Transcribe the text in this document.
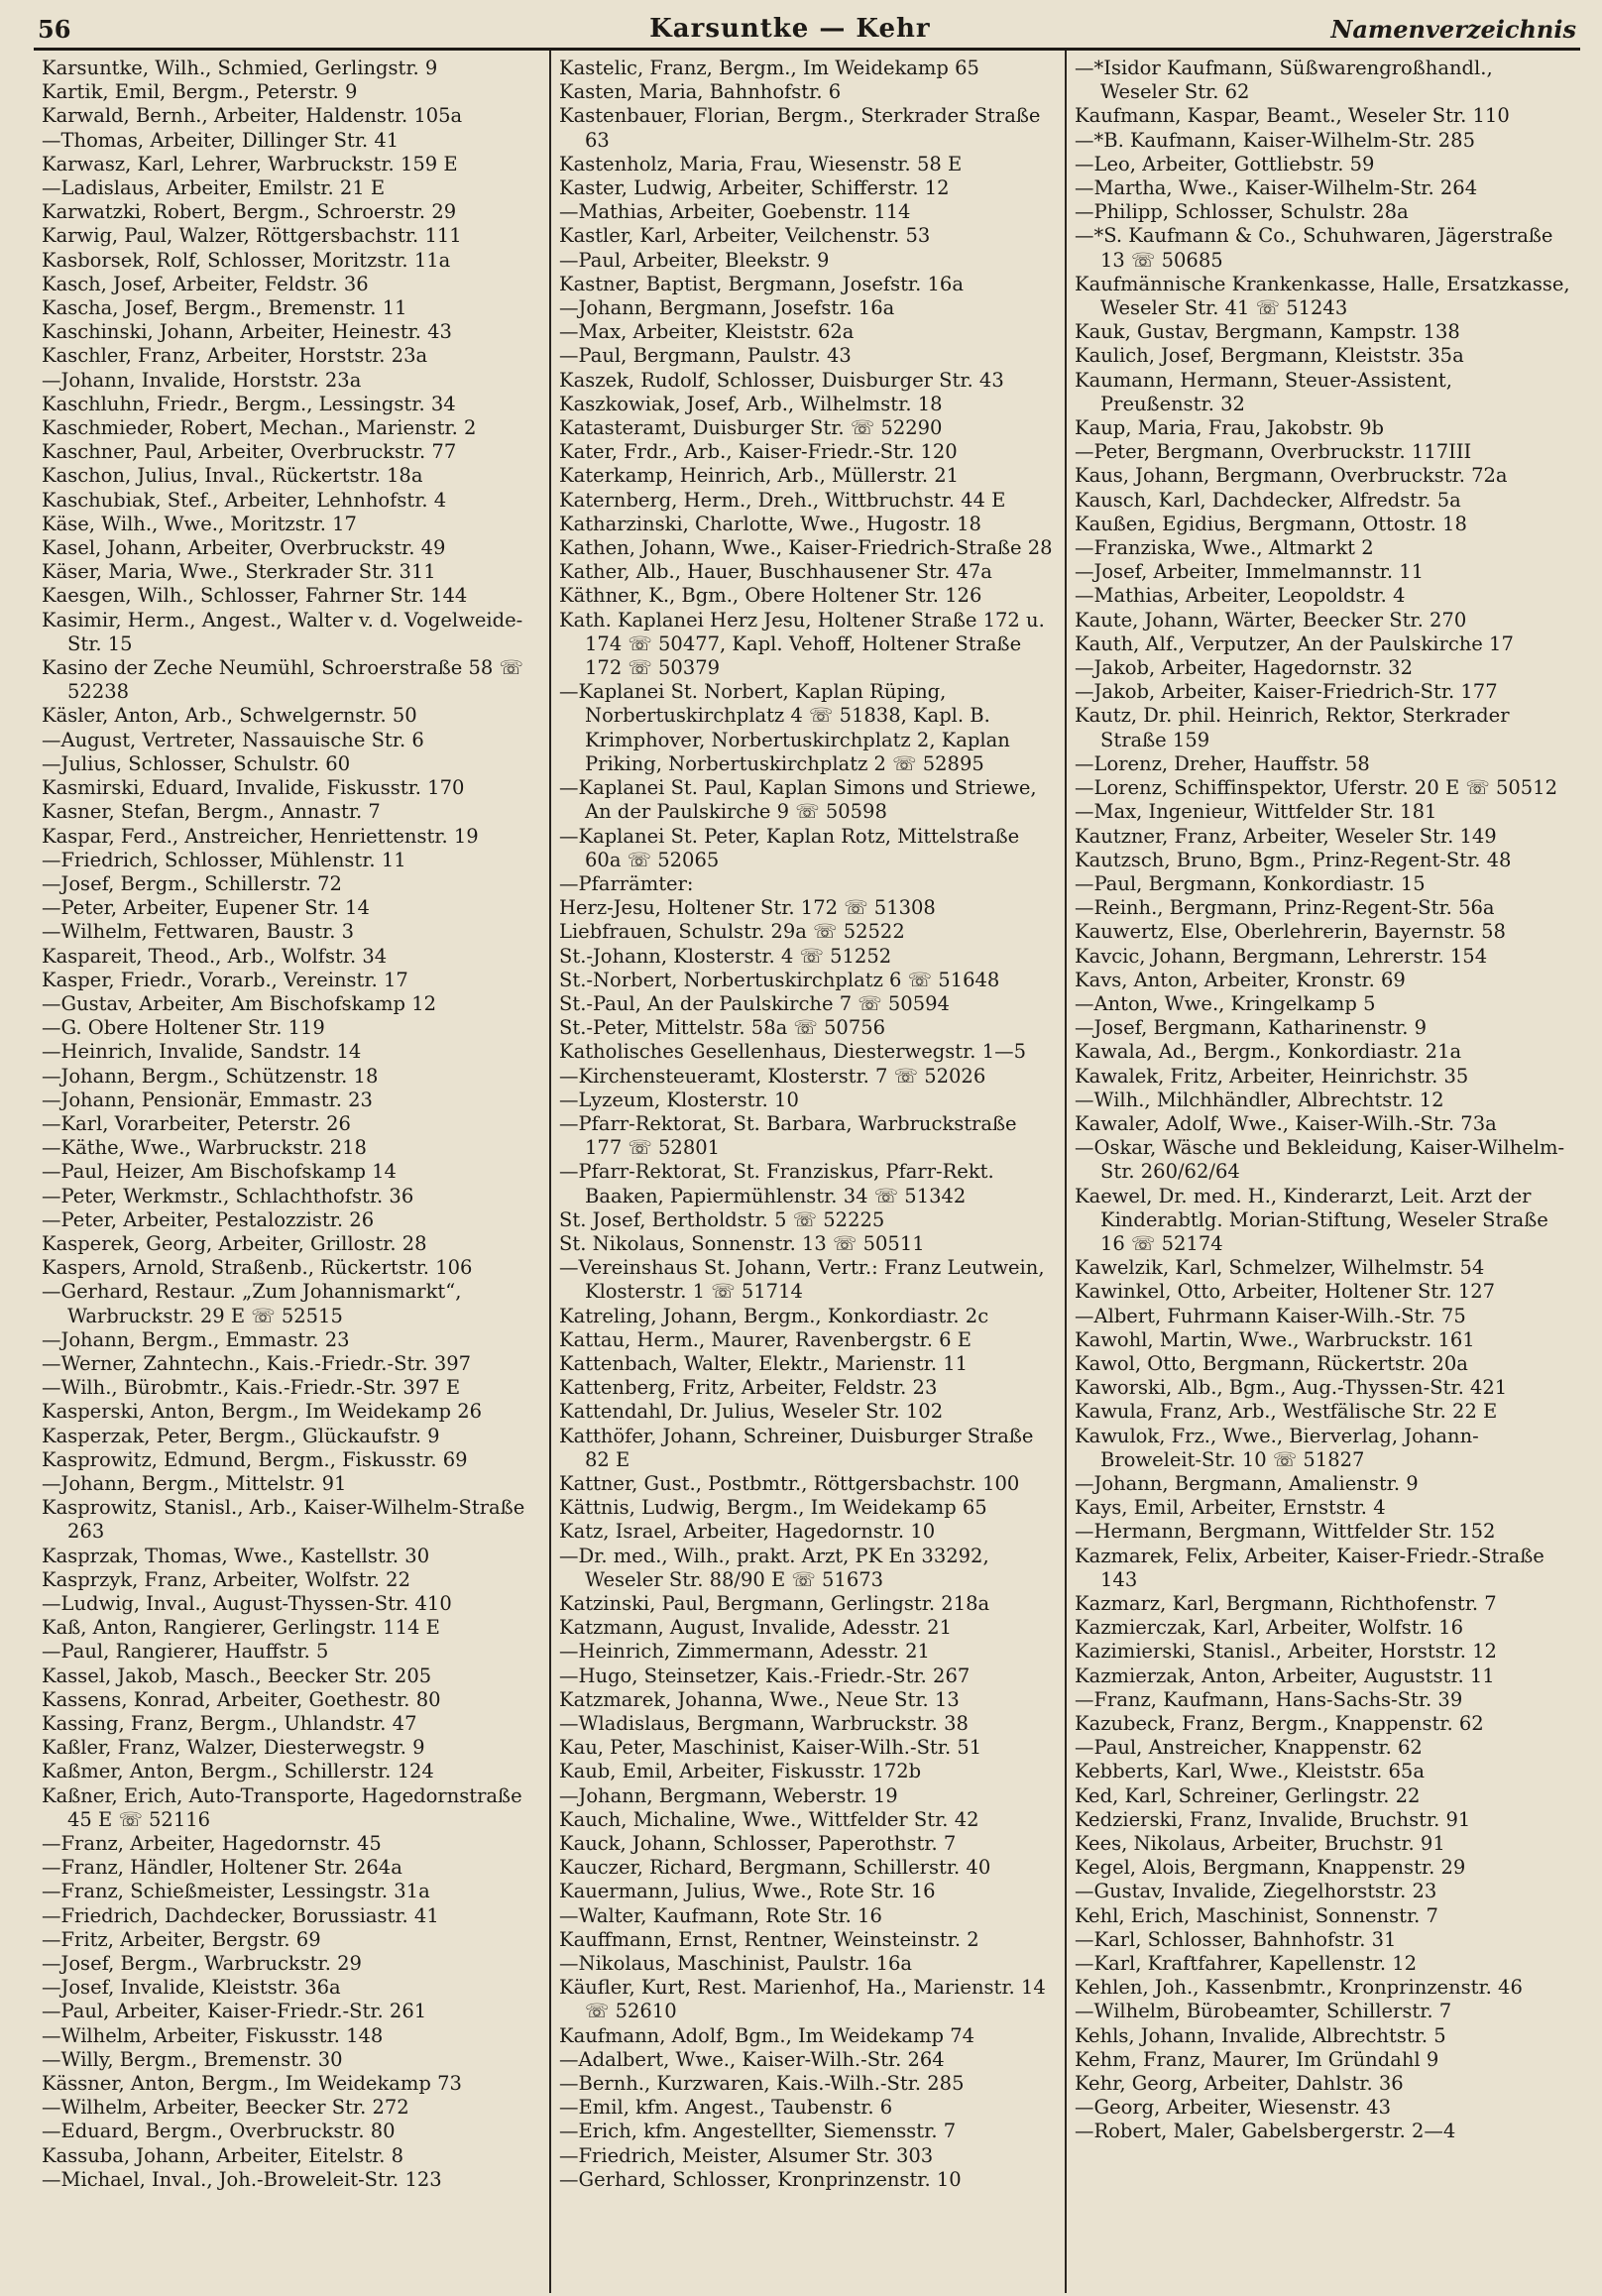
56	Karsuntke — Kehr	Namenverzeichnis
Karsuntke, Wilh., Schmied, Gerlingstr. 9
Kartik, Emil, Bergm., Peterstr. 9
Karwald, Bernh., Arbeiter, Haldenstr. 105a
—Thomas, Arbeiter, Dillinger Str. 41
Karwasz, Karl, Lehrer, Warbruckstr. 159 E
—Ladislaus, Arbeiter, Emilstr. 21 E
Karwatzki, Robert, Bergm., Schroerstr. 29
Karwig, Paul, Walzer, Röttgersbachstr. 111
Kasborsek, Rolf, Schlosser, Moritzstr. 11a
Kasch, Josef, Arbeiter, Feldstr. 36
Kascha, Josef, Bergm., Bremenstr. 11
Kaschinski, Johann, Arbeiter, Heinestr. 43
Kaschler, Franz, Arbeiter, Horststr. 23a
—Johann, Invalide, Horststr. 23a
Kaschluhn, Friedr., Bergm., Lessingstr. 34
Kaschmieder, Robert, Mechan., Marienstr. 2
Kaschner, Paul, Arbeiter, Overbruckstr. 77
Kaschon, Julius, Inval., Rückertstr. 18a
Kaschubiak, Stef., Arbeiter, Lehnhofstr. 4
Käse, Wilh., Wwe., Moritzstr. 17
Kasel, Johann, Arbeiter, Overbruckstr. 49
Käser, Maria, Wwe., Sterkrader Str. 311
Kaesgen, Wilh., Schlosser, Fahrner Str. 144
Kasimir, Herm., Angest., Walter v. d. Vogelweide-Str. 15
Kasino der Zeche Neumühl, Schroerstraße 58 ☏ 52238
Käsler, Anton, Arb., Schwelgernstr. 50
—August, Vertreter, Nassauische Str. 6
—Julius, Schlosser, Schulstr. 60
Kasmirski, Eduard, Invalide, Fiskusstr. 170
Kasner, Stefan, Bergm., Annastr. 7
Kaspar, Ferd., Anstreicher, Henriettenstr. 19
—Friedrich, Schlosser, Mühlenstr. 11
—Josef, Bergm., Schillerstr. 72
—Peter, Arbeiter, Eupener Str. 14
—Wilhelm, Fettwaren, Baustr. 3
Kaspareit, Theod., Arb., Wolfstr. 34
Kasper, Friedr., Vorarb., Vereinstr. 17
—Gustav, Arbeiter, Am Bischofskamp 12
—G. Obere Holtener Str. 119
—Heinrich, Invalide, Sandstr. 14
—Johann, Bergm., Schützenstr. 18
—Johann, Pensionär, Emmastr. 23
—Karl, Vorarbeiter, Peterstr. 26
—Käthe, Wwe., Warbruckstr. 218
—Paul, Heizer, Am Bischofskamp 14
—Peter, Werkmstr., Schlachthofstr. 36
—Peter, Arbeiter, Pestalozzistr. 26
Kasperek, Georg, Arbeiter, Grillostr. 28
Kaspers, Arnold, Straßenb., Rückertstr. 106
—Gerhard, Restaur. „Zum Johannismarkt“, Warbruckstr. 29 E ☏ 52515
—Johann, Bergm., Emmastr. 23
—Werner, Zahntechn., Kais.-Friedr.-Str. 397
—Wilh., Bürobmtr., Kais.-Friedr.-Str. 397 E
Kasperski, Anton, Bergm., Im Weidekamp 26
Kasperzak, Peter, Bergm., Glückaufstr. 9
Kasprowitz, Edmund, Bergm., Fiskusstr. 69
—Johann, Bergm., Mittelstr. 91
Kasprowitz, Stanisl., Arb., Kaiser-Wilhelm-Straße 263
Kasprzak, Thomas, Wwe., Kastellstr. 30
Kasprzyk, Franz, Arbeiter, Wolfstr. 22
—Ludwig, Inval., August-Thyssen-Str. 410
Kaß, Anton, Rangierer, Gerlingstr. 114 E
—Paul, Rangierer, Hauffstr. 5
Kassel, Jakob, Masch., Beecker Str. 205
Kassens, Konrad, Arbeiter, Goethestr. 80
Kassing, Franz, Bergm., Uhlandstr. 47
Kaßler, Franz, Walzer, Diesterwegstr. 9
Kaßmer, Anton, Bergm., Schillerstr. 124
Kaßner, Erich, Auto-Transporte, Hagedornstraße 45 E ☏ 52116
—Franz, Arbeiter, Hagedornstr. 45
—Franz, Händler, Holtener Str. 264a
—Franz, Schießmeister, Lessingstr. 31a
—Friedrich, Dachdecker, Borussiastr. 41
—Fritz, Arbeiter, Bergstr. 69
—Josef, Bergm., Warbruckstr. 29
—Josef, Invalide, Kleiststr. 36a
—Paul, Arbeiter, Kaiser-Friedr.-Str. 261
—Wilhelm, Arbeiter, Fiskusstr. 148
—Willy, Bergm., Bremenstr. 30
Kässner, Anton, Bergm., Im Weidekamp 73
—Wilhelm, Arbeiter, Beecker Str. 272
—Eduard, Bergm., Overbruckstr. 80
Kassuba, Johann, Arbeiter, Eitelstr. 8
—Michael, Inval., Joh.-Broweleit-Str. 123
Kastelic, Franz, Bergm., Im Weidekamp 65
Kasten, Maria, Bahnhofstr. 6
Kastenbauer, Florian, Bergm., Sterkrader Straße 63
Kastenholz, Maria, Frau, Wiesenstr. 58 E
Kaster, Ludwig, Arbeiter, Schifferstr. 12
—Mathias, Arbeiter, Goebenstr. 114
Kastler, Karl, Arbeiter, Veilchenstr. 53
—Paul, Arbeiter, Bleekstr. 9
Kastner, Baptist, Bergmann, Josefstr. 16a
—Johann, Bergmann, Josefstr. 16a
—Max, Arbeiter, Kleiststr. 62a
—Paul, Bergmann, Paulstr. 43
Kaszek, Rudolf, Schlosser, Duisburger Str. 43
Kaszkowiak, Josef, Arb., Wilhelmstr. 18
Katasteramt, Duisburger Str. ☏ 52290
Kater, Frdr., Arb., Kaiser-Friedr.-Str. 120
Katerkamp, Heinrich, Arb., Müllerstr. 21
Katernberg, Herm., Dreh., Wittbruchstr. 44 E
Katharzinski, Charlotte, Wwe., Hugostr. 18
Kathen, Johann, Wwe., Kaiser-Friedrich-Straße 28
Kather, Alb., Hauer, Buschhausener Str. 47a
Käthner, K., Bgm., Obere Holtener Str. 126
Kath. Kaplanei Herz Jesu, Holtener Straße 172 u. 174 ☏ 50477, Kapl. Vehoff, Holtener Straße 172 ☏ 50379
—Kaplanei St. Norbert, Kaplan Rüping, Norbertuskirchplatz 4 ☏ 51838, Kapl. B. Krimphover, Norbertuskirchplatz 2, Kaplan Priking, Norbertuskirchplatz 2 ☏ 52895
—Kaplanei St. Paul, Kaplan Simons und Striewe, An der Paulskirche 9 ☏ 50598
—Kaplanei St. Peter, Kaplan Rotz, Mittelstraße 60a ☏ 52065
—Pfarrämter:
Herz-Jesu, Holtener Str. 172 ☏ 51308
Liebfrauen, Schulstr. 29a ☏ 52522
St.-Johann, Klosterstr. 4 ☏ 51252
St.-Norbert, Norbertuskirchplatz 6 ☏ 51648
St.-Paul, An der Paulskirche 7 ☏ 50594
St.-Peter, Mittelstr. 58a ☏ 50756
Katholisches Gesellenhaus, Diesterwegstr. 1—5
—Kirchensteueramt, Klosterstr. 7 ☏ 52026
—Lyzeum, Klosterstr. 10
—Pfarr-Rektorat, St. Barbara, Warbruckstraße 177 ☏ 52801
—Pfarr-Rektorat, St. Franziskus, Pfarr-Rekt. Baaken, Papiermühlenstr. 34 ☏ 51342
St. Josef, Bertholdstr. 5 ☏ 52225
St. Nikolaus, Sonnenstr. 13 ☏ 50511
—Vereinshaus St. Johann, Vertr.: Franz Leutwein, Klosterstr. 1 ☏ 51714
Katreling, Johann, Bergm., Konkordiastr. 2c
Kattau, Herm., Maurer, Ravenbergstr. 6 E
Kattenbach, Walter, Elektr., Marienstr. 11
Kattenberg, Fritz, Arbeiter, Feldstr. 23
Kattendahl, Dr. Julius, Weseler Str. 102
Katthöfer, Johann, Schreiner, Duisburger Straße 82 E
Kattner, Gust., Postbmtr., Röttgersbachstr. 100
Kättnis, Ludwig, Bergm., Im Weidekamp 65
Katz, Israel, Arbeiter, Hagedornstr. 10
—Dr. med., Wilh., prakt. Arzt, PK En 33292, Weseler Str. 88/90 E ☏ 51673
Katzinski, Paul, Bergmann, Gerlingstr. 218a
Katzmann, August, Invalide, Adesstr. 21
—Heinrich, Zimmermann, Adesstr. 21
—Hugo, Steinsetzer, Kais.-Friedr.-Str. 267
Katzmarek, Johanna, Wwe., Neue Str. 13
—Wladislaus, Bergmann, Warbruckstr. 38
Kau, Peter, Maschinist, Kaiser-Wilh.-Str. 51
Kaub, Emil, Arbeiter, Fiskusstr. 172b
—Johann, Bergmann, Weberstr. 19
Kauch, Michaline, Wwe., Wittfelder Str. 42
Kauck, Johann, Schlosser, Paperothstr. 7
Kauczer, Richard, Bergmann, Schillerstr. 40
Kauermann, Julius, Wwe., Rote Str. 16
—Walter, Kaufmann, Rote Str. 16
Kauffmann, Ernst, Rentner, Weinsteinstr. 2
—Nikolaus, Maschinist, Paulstr. 16a
Käufler, Kurt, Rest. Marienhof, Ha., Marienstr. 14 ☏ 52610
Kaufmann, Adolf, Bgm., Im Weidekamp 74
—Adalbert, Wwe., Kaiser-Wilh.-Str. 264
—Bernh., Kurzwaren, Kais.-Wilh.-Str. 285
—Emil, kfm. Angest., Taubenstr. 6
—Erich, kfm. Angestellter, Siemensstr. 7
—Friedrich, Meister, Alsumer Str. 303
—Gerhard, Schlosser, Kronprinzenstr. 10
—*Isidor Kaufmann, Süßwarengroßhandl., Weseler Str. 62
Kaufmann, Kaspar, Beamt., Weseler Str. 110
—*B. Kaufmann, Kaiser-Wilhelm-Str. 285
—Leo, Arbeiter, Gottliebstr. 59
—Martha, Wwe., Kaiser-Wilhelm-Str. 264
—Philipp, Schlosser, Schulstr. 28a
—*S. Kaufmann & Co., Schuhwaren, Jägerstraße 13 ☏ 50685
Kaufmännische Krankenkasse, Halle, Ersatzkasse, Weseler Str. 41 ☏ 51243
Kauk, Gustav, Bergmann, Kampstr. 138
Kaulich, Josef, Bergmann, Kleiststr. 35a
Kaumann, Hermann, Steuer-Assistent, Preußenstr. 32
Kaup, Maria, Frau, Jakobstr. 9b
—Peter, Bergmann, Overbruckstr. 117III
Kaus, Johann, Bergmann, Overbruckstr. 72a
Kausch, Karl, Dachdecker, Alfredstr. 5a
Kaußen, Egidius, Bergmann, Ottostr. 18
—Franziska, Wwe., Altmarkt 2
—Josef, Arbeiter, Immelmannstr. 11
—Mathias, Arbeiter, Leopoldstr. 4
Kaute, Johann, Wärter, Beecker Str. 270
Kauth, Alf., Verputzer, An der Paulskirche 17
—Jakob, Arbeiter, Hagedornstr. 32
—Jakob, Arbeiter, Kaiser-Friedrich-Str. 177
Kautz, Dr. phil. Heinrich, Rektor, Sterkrader Straße 159
—Lorenz, Dreher, Hauffstr. 58
—Lorenz, Schiffinspektor, Uferstr. 20 E ☏ 50512
—Max, Ingenieur, Wittfelder Str. 181
Kautzner, Franz, Arbeiter, Weseler Str. 149
Kautzsch, Bruno, Bgm., Prinz-Regent-Str. 48
—Paul, Bergmann, Konkordiastr. 15
—Reinh., Bergmann, Prinz-Regent-Str. 56a
Kauwertz, Else, Oberlehrerin, Bayernstr. 58
Kavcic, Johann, Bergmann, Lehrerstr. 154
Kavs, Anton, Arbeiter, Kronstr. 69
—Anton, Wwe., Kringelkamp 5
—Josef, Bergmann, Katharinenstr. 9
Kawala, Ad., Bergm., Konkordiastr. 21a
Kawalek, Fritz, Arbeiter, Heinrichstr. 35
—Wilh., Milchhändler, Albrechtstr. 12
Kawaler, Adolf, Wwe., Kaiser-Wilh.-Str. 73a
—Oskar, Wäsche und Bekleidung, Kaiser-Wilhelm-Str. 260/62/64
Kaewel, Dr. med. H., Kinderarzt, Leit. Arzt der Kinderabtlg. Morian-Stiftung, Weseler Straße 16 ☏ 52174
Kawelzik, Karl, Schmelzer, Wilhelmstr. 54
Kawinkel, Otto, Arbeiter, Holtener Str. 127
—Albert, Fuhrmann Kaiser-Wilh.-Str. 75
Kawohl, Martin, Wwe., Warbruckstr. 161
Kawol, Otto, Bergmann, Rückertstr. 20a
Kaworski, Alb., Bgm., Aug.-Thyssen-Str. 421
Kawula, Franz, Arb., Westfälische Str. 22 E
Kawulok, Frz., Wwe., Bierverlag, Johann-Broweleit-Str. 10 ☏ 51827
—Johann, Bergmann, Amalienstr. 9
Kays, Emil, Arbeiter, Ernststr. 4
—Hermann, Bergmann, Wittfelder Str. 152
Kazmarek, Felix, Arbeiter, Kaiser-Friedr.-Straße 143
Kazmarz, Karl, Bergmann, Richthofenstr. 7
Kazmierczak, Karl, Arbeiter, Wolfstr. 16
Kazimierski, Stanisl., Arbeiter, Horststr. 12
Kazmierzak, Anton, Arbeiter, Auguststr. 11
—Franz, Kaufmann, Hans-Sachs-Str. 39
Kazubeck, Franz, Bergm., Knappenstr. 62
—Paul, Anstreicher, Knappenstr. 62
Kebberts, Karl, Wwe., Kleiststr. 65a
Ked, Karl, Schreiner, Gerlingstr. 22
Kedzierski, Franz, Invalide, Bruchstr. 91
Kees, Nikolaus, Arbeiter, Bruchstr. 91
Kegel, Alois, Bergmann, Knappenstr. 29
—Gustav, Invalide, Ziegelhorststr. 23
Kehl, Erich, Maschinist, Sonnenstr. 7
—Karl, Schlosser, Bahnhofstr. 31
—Karl, Kraftfahrer, Kapellenstr. 12
Kehlen, Joh., Kassenbmtr., Kronprinzenstr. 46
—Wilhelm, Bürobeamter, Schillerstr. 7
Kehls, Johann, Invalide, Albrechtstr. 5
Kehm, Franz, Maurer, Im Gründahl 9
Kehr, Georg, Arbeiter, Dahlstr. 36
—Georg, Arbeiter, Wiesenstr. 43
—Robert, Maler, Gabelsbergerstr. 2—4
